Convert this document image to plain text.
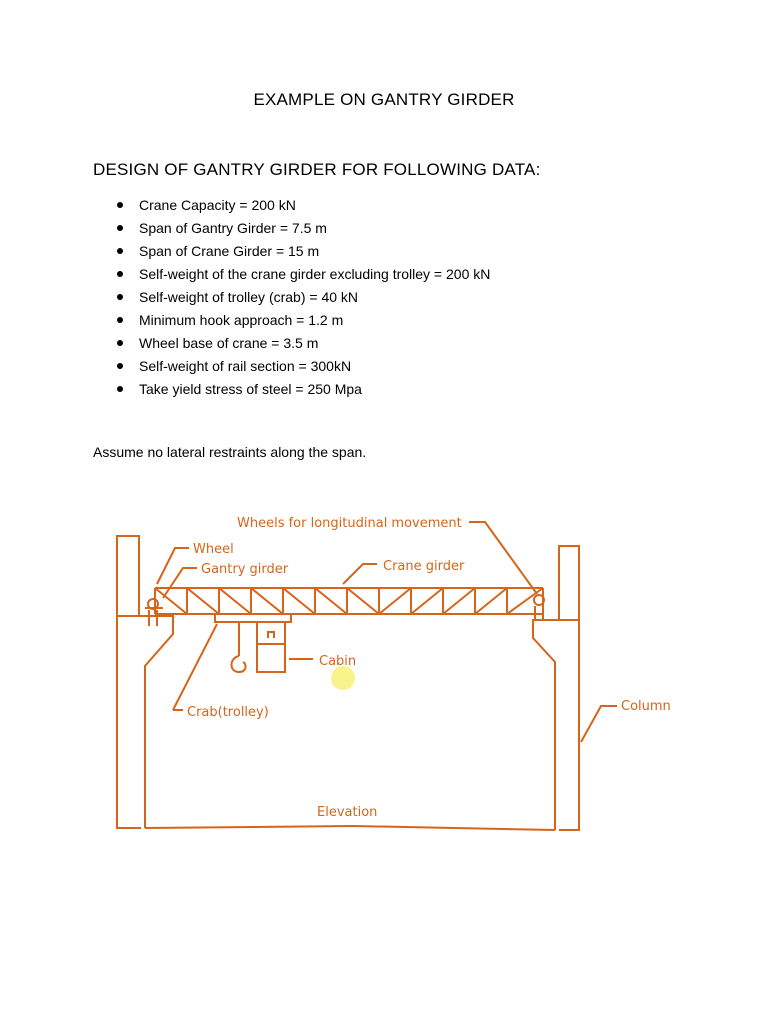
EXAMPLE ON GANTRY GIRDER
DESIGN OF GANTRY GIRDER FOR FOLLOWING DATA:
Crane Capacity = 200 kN
Span of Gantry Girder = 7.5 m
Span of Crane Girder = 15 m
Self-weight of the crane girder excluding trolley = 200 kN
Self-weight of trolley (crab) = 40 kN
Minimum hook approach = 1.2 m
Wheel base of crane = 3.5 m
Self-weight of rail section = 300kN
Take yield stress of steel = 250 Mpa
Assume no lateral restraints along the span.
Wheels for longitudinal movement
Wheel
Gantry girder	Crane girder
Cabin
Crab(trolley)	Column
Elevation
